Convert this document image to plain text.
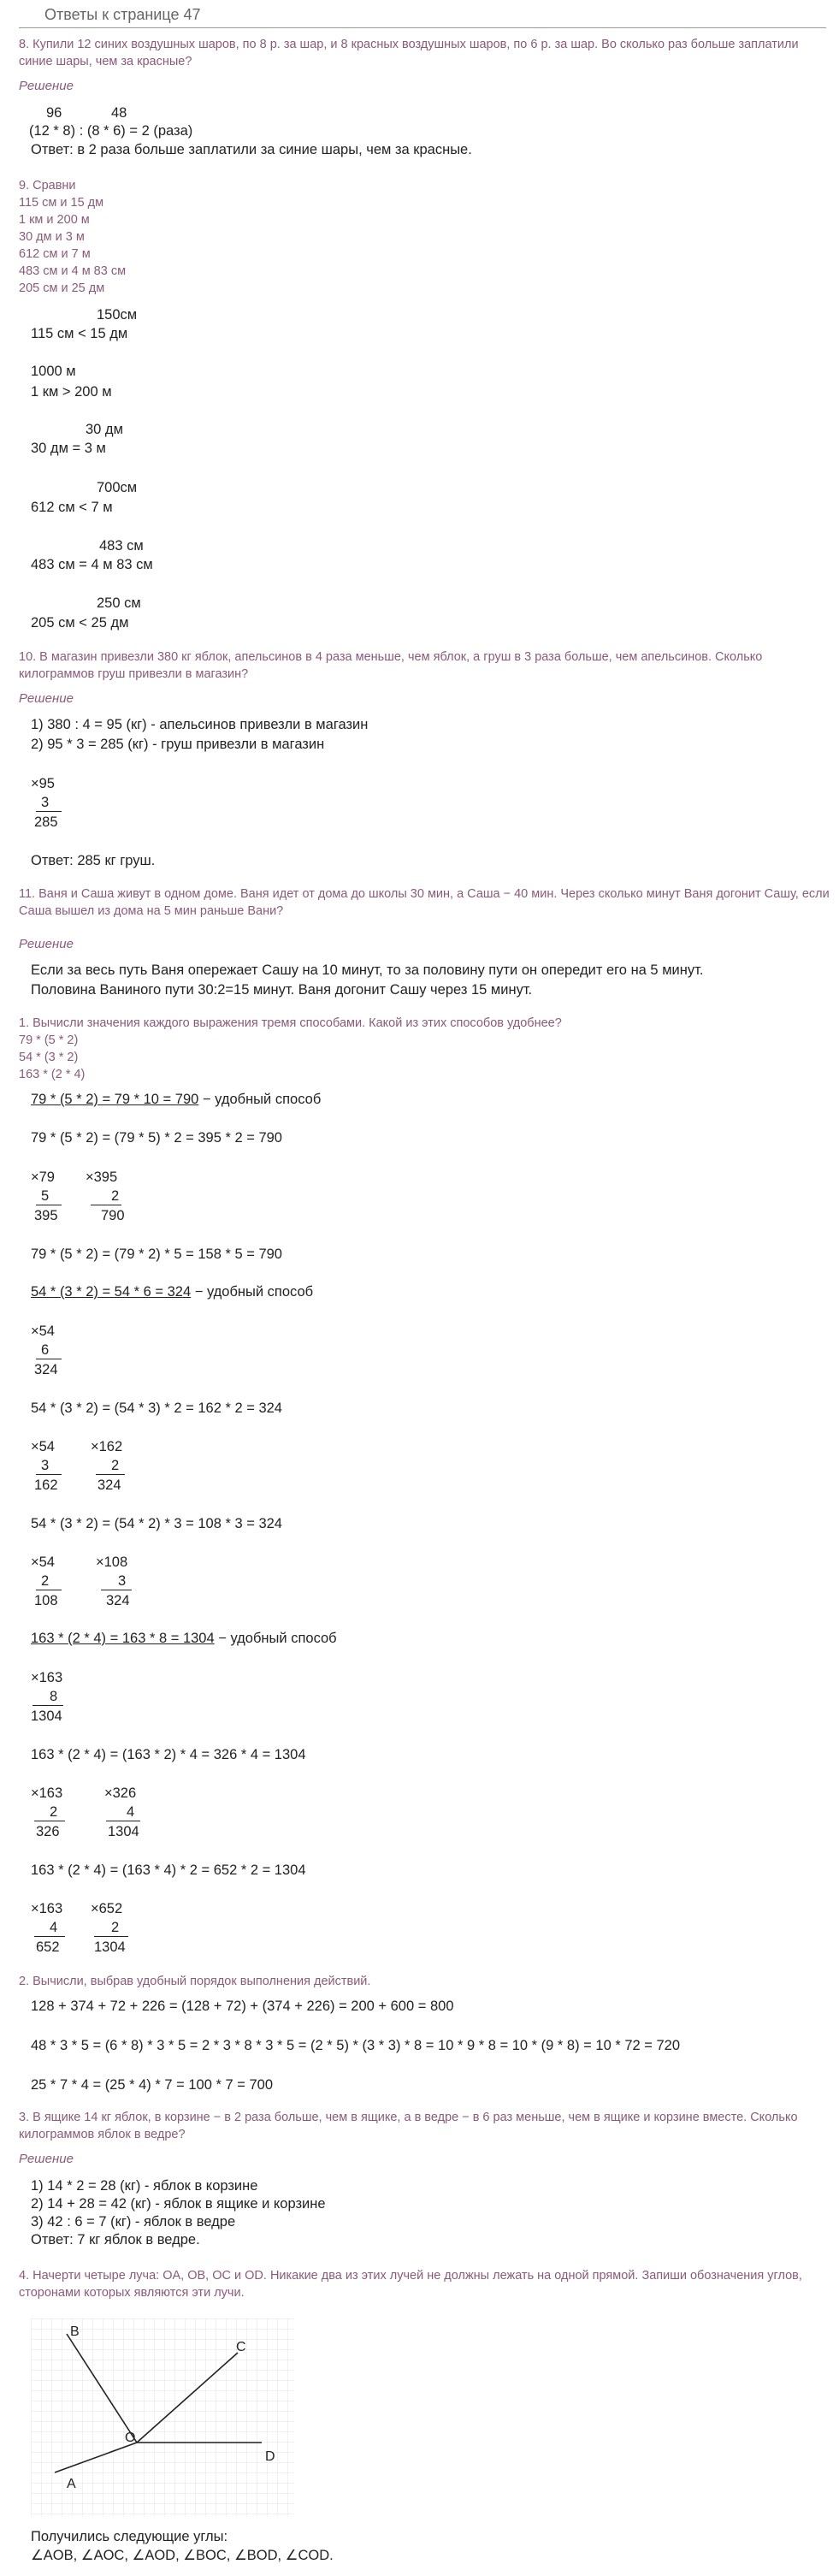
Ответы к странице 47
8. Купили 12 синих воздушных шаров, по 8 р. за шар, и 8 красных воздушных шаров, по 6 р. за шар. Во сколько раз больше заплатили синие шары, чем за красные?
Решение
96	48
(12 * 8) : (8 * 6) = 2 (раза)
Ответ: в 2 раза больше заплатили за синие шары, чем за красные.
9. Сравни
115 см и 15 дм
1 км и 200 м
30 дм и 3 м
612 см и 7 м
483 см и 4 м 83 см
205 см и 25 дм
150см
115 см < 15 дм
1000 м
1 км > 200 м
30 дм
30 дм = 3 м
700см
612 см < 7 м
483 см
483 см = 4 м 83 см
250 см
205 см < 25 дм
10. В магазин привезли 380 кг яблок, апельсинов в 4 раза меньше, чем яблок, а груш в 3 раза больше, чем апельсинов. Сколько килограммов груш привезли в магазин?
Решение
1) 380 : 4 = 95 (кг) - апельсинов привезли в магазин
2) 95 * 3 = 285 (кг) - груш привезли в магазин
×95
3
285
Ответ: 285 кг груш.
11. Ваня и Саша живут в одном доме. Ваня идет от дома до школы 30 мин, а Саша − 40 мин. Через сколько минут Ваня догонит Сашу, если Саша вышел из дома на 5 мин раньше Вани?
Решение
Если за весь путь Ваня опережает Сашу на 10 минут, то за половину пути он опередит его на 5 минут.
Половина Ваниного пути 30:2=15 минут. Ваня догонит Сашу через 15 минут.
1. Вычисли значения каждого выражения тремя способами. Какой из этих способов удобнее?
79 * (5 * 2)
54 * (3 * 2)
163 * (2 * 4)
79 * (5 * 2) = 79 * 10 = 790 − удобный способ
79 * (5 * 2) = (79 * 5) * 2 = 395 * 2 = 790
×79
5
395
×395
2
790
79 * (5 * 2) = (79 * 2) * 5 = 158 * 5 = 790
54 * (3 * 2) = 54 * 6 = 324 − удобный способ
×54
6
324
54 * (3 * 2) = (54 * 3) * 2 = 162 * 2 = 324
×54
3
162
×162
2
324
54 * (3 * 2) = (54 * 2) * 3 = 108 * 3 = 324
×54
2
108
×108
3
324
163 * (2 * 4) = 163 * 8 = 1304 − удобный способ
×163
8
1304
163 * (2 * 4) = (163 * 2) * 4 = 326 * 4 = 1304
×163
2
326
×326
4
1304
163 * (2 * 4) = (163 * 4) * 2 = 652 * 2 = 1304
×163
4
652
×652
2
1304
2. Вычисли, выбрав удобный порядок выполнения действий.
128 + 374 + 72 + 226 = (128 + 72) + (374 + 226) = 200 + 600 = 800
48 * 3 * 5 = (6 * 8) * 3 * 5 = 2 * 3 * 8 * 3 * 5 = (2 * 5) * (3 * 3) * 8 = 10 * 9 * 8 = 10 * (9 * 8) = 10 * 72 = 720
25 * 7 * 4 = (25 * 4) * 7 = 100 * 7 = 700
3. В ящике 14 кг яблок, в корзине − в 2 раза больше, чем в ящике, а в ведре − в 6 раз меньше, чем в ящике и корзине вместе. Сколько килограммов яблок в ведре?
Решение
1) 14 * 2 = 28 (кг) - яблок в корзине
2) 14 + 28 = 42 (кг) - яблок в ящике и корзине
3) 42 : 6 = 7 (кг) - яблок в ведре
Ответ: 7 кг яблок в ведре.
4. Начерти четыре луча: OA, OB, OC и OD. Никакие два из этих лучей не должны лежать на одной прямой. Запиши обозначения углов, сторонами которых являются эти лучи.
B
C
O
D
A
Получились следующие углы:
∠AOB, ∠AOC, ∠AOD, ∠BOC, ∠BOD, ∠COD.
